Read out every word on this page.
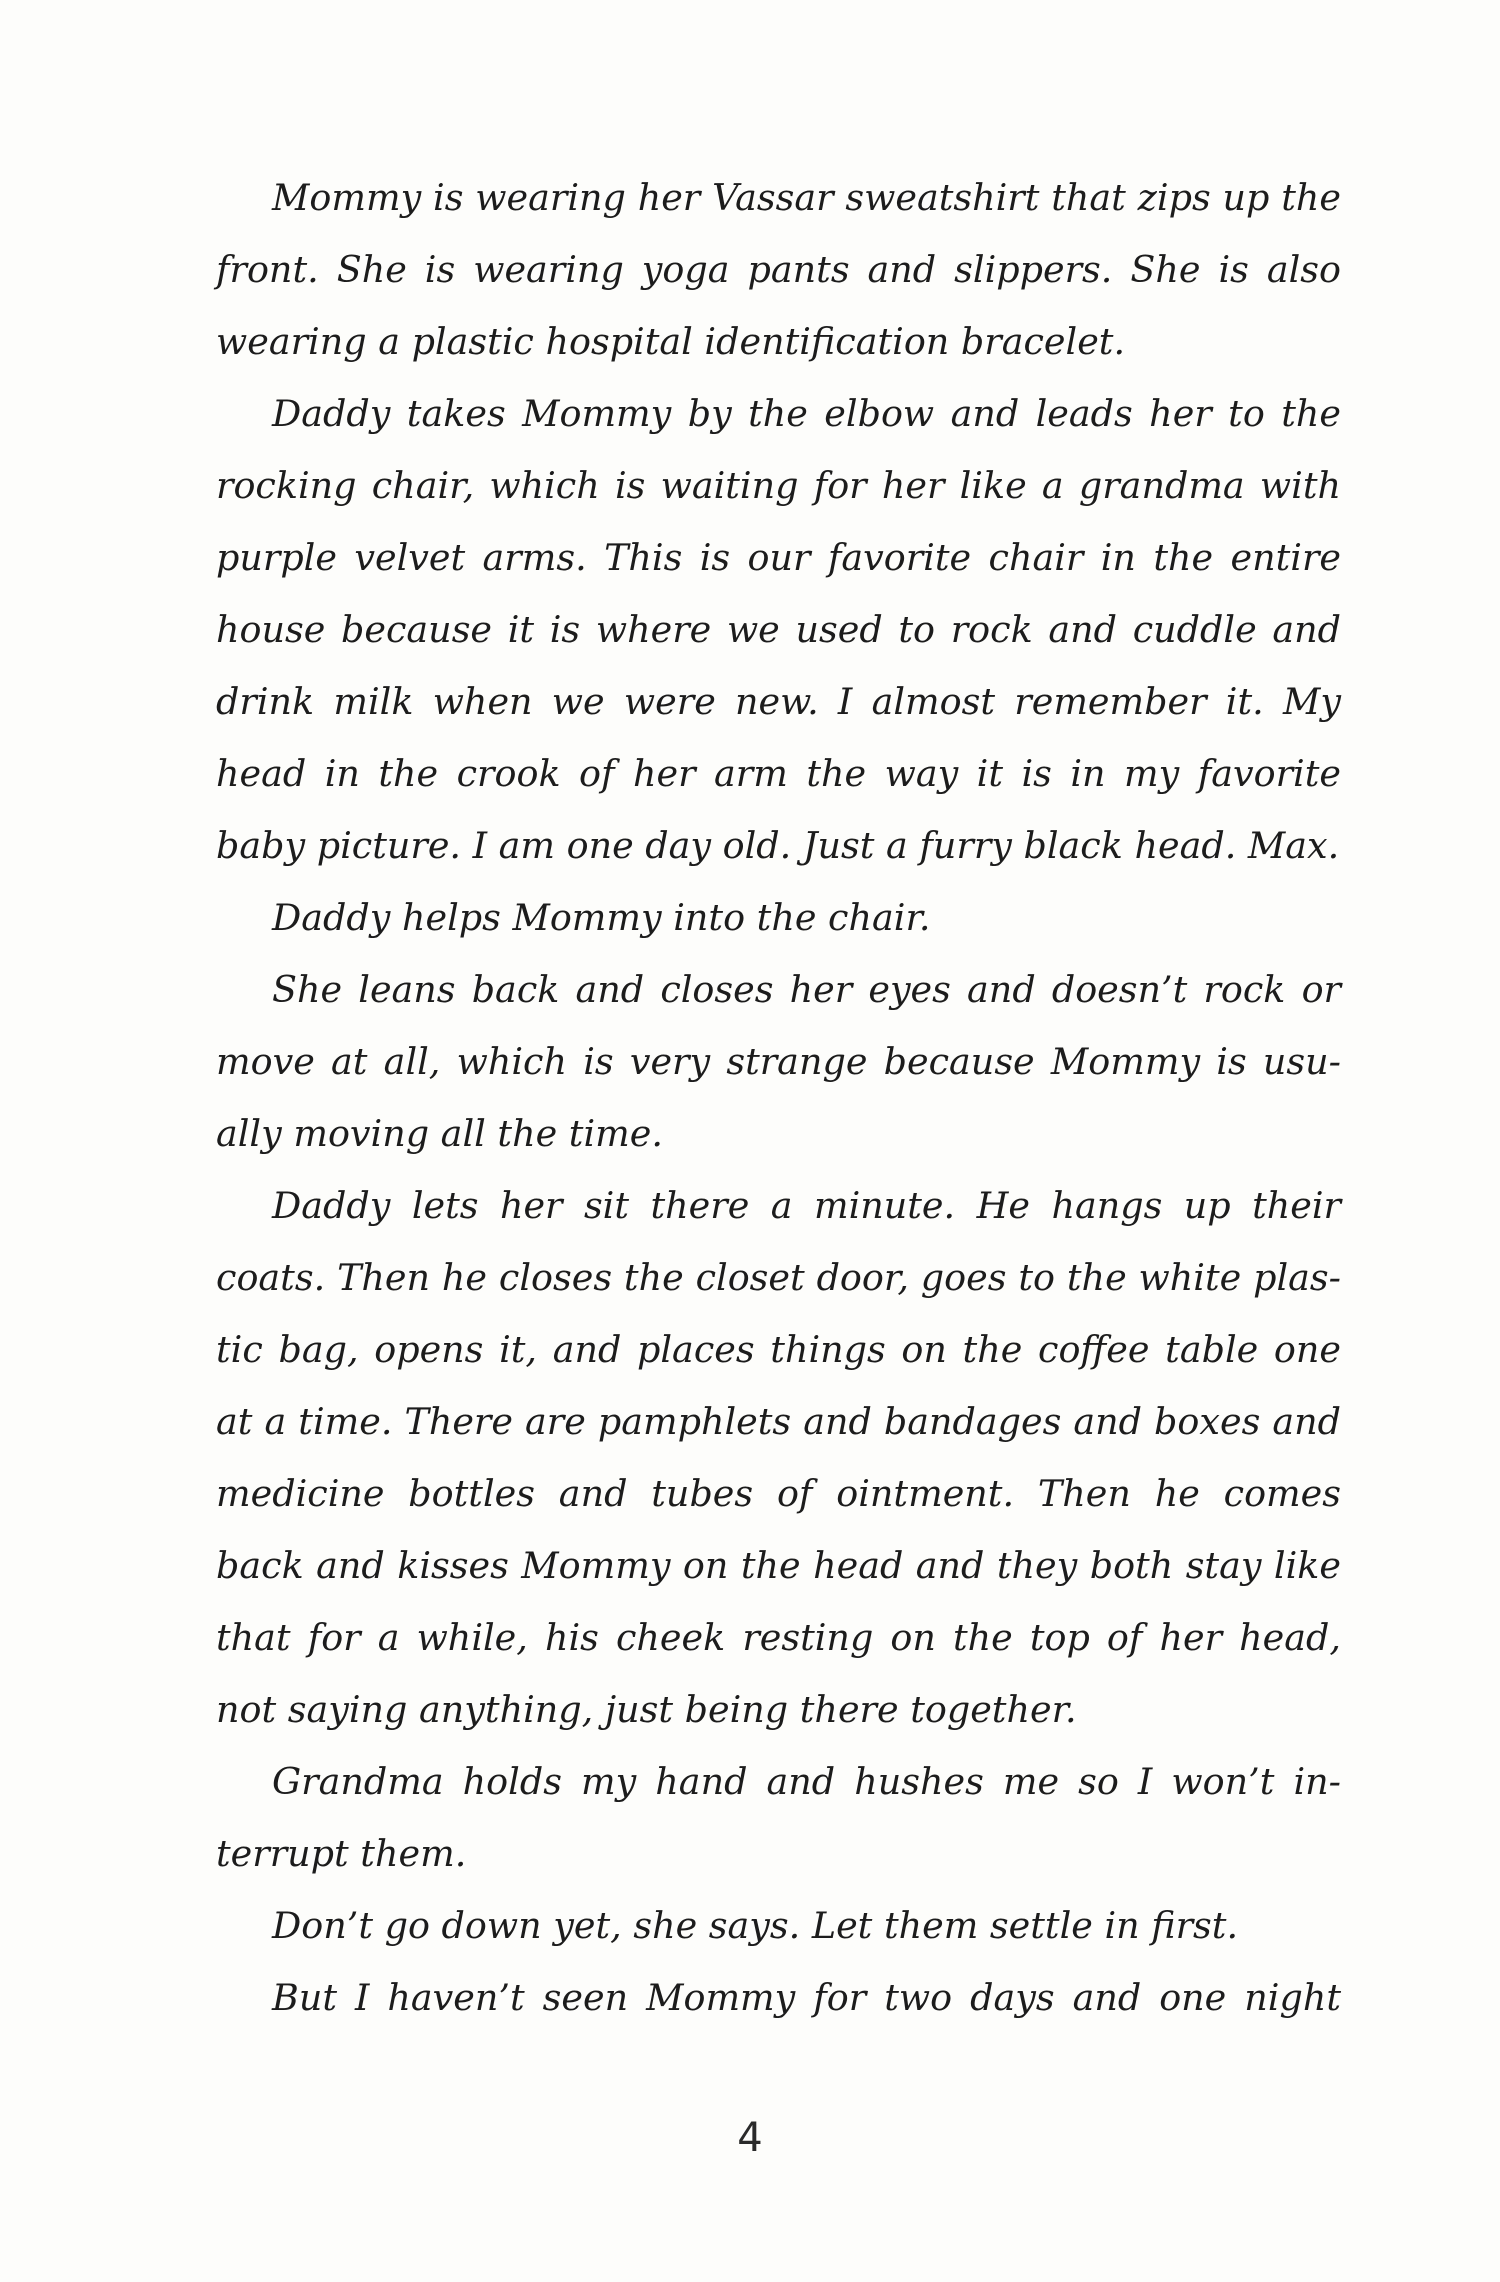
Mommy is wearing her Vassar sweatshirt that zips up the front. She is wearing yoga pants and slippers. She is also wearing a plastic hospital identification bracelet.

Daddy takes Mommy by the elbow and leads her to the rocking chair, which is waiting for her like a grandma with purple velvet arms. This is our favorite chair in the entire house because it is where we used to rock and cuddle and drink milk when we were new. I almost remember it. My head in the crook of her arm the way it is in my favorite baby picture. I am one day old. Just a furry black head. Max.

Daddy helps Mommy into the chair.

She leans back and closes her eyes and doesn’t rock or move at all, which is very strange because Mommy is usually moving all the time.

Daddy lets her sit there a minute. He hangs up their coats. Then he closes the closet door, goes to the white plastic bag, opens it, and places things on the coffee table one at a time. There are pamphlets and bandages and boxes and medicine bottles and tubes of ointment. Then he comes back and kisses Mommy on the head and they both stay like that for a while, his cheek resting on the top of her head, not saying anything, just being there together.

Grandma holds my hand and hushes me so I won’t interrupt them.

Don’t go down yet, she says. Let them settle in first.

But I haven’t seen Mommy for two days and one night

4
